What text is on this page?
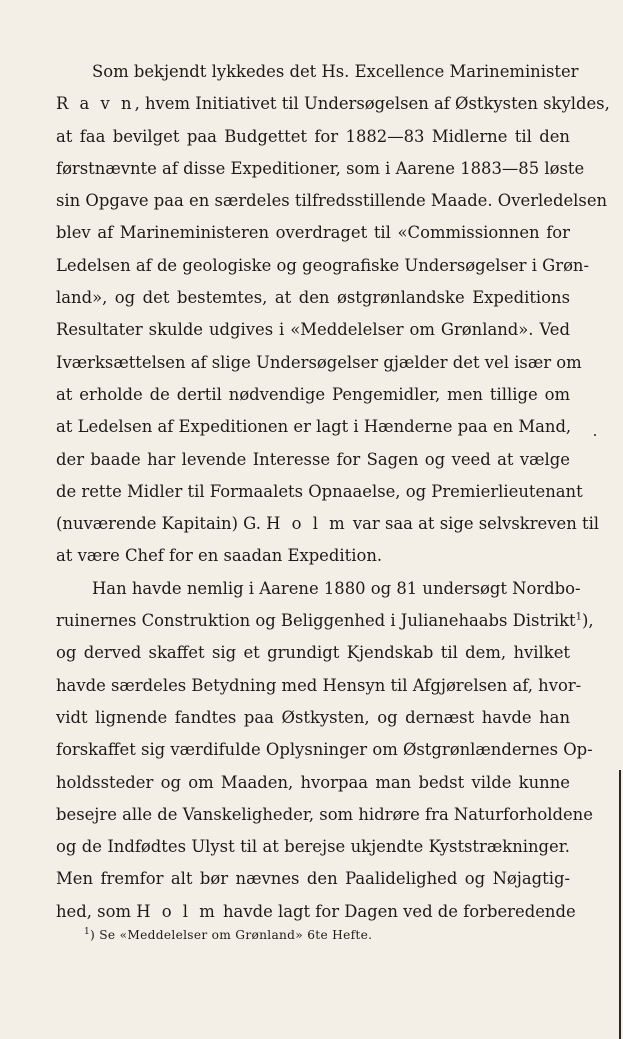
Som bekjendt lykkedes det Hs. Excellence Marineminister
R a v n, hvem Initiativet til Undersøgelsen af Østkysten skyldes,
at faa bevilget paa Budgettet for 1882—83 Midlerne til den
førstnævnte af disse Expeditioner, som i Aarene 1883—85 løste
sin Opgave paa en særdeles tilfredsstillende Maade. Overledelsen
blev af Marineministeren overdraget til «Commissionnen for
Ledelsen af de geologiske og geografiske Undersøgelser i Grøn-
land», og det bestemtes, at den østgrønlandske Expeditions
Resultater skulde udgives i «Meddelelser om Grønland». Ved
Iværksættelsen af slige Undersøgelser gjælder det vel især om
at erholde de dertil nødvendige Pengemidler, men tillige om
at Ledelsen af Expeditionen er lagt i Hænderne paa en Mand,
der baade har levende Interesse for Sagen og veed at vælge
de rette Midler til Formaalets Opnaaelse, og Premierlieutenant
(nuværende Kapitain) G. H o l m var saa at sige selvskreven til
at være Chef for en saadan Expedition.
Han havde nemlig i Aarene 1880 og 81 undersøgt Nordbo-
ruinernes Construktion og Beliggenhed i Julianehaabs Distrikt$^1$),
og derved skaffet sig et grundigt Kjendskab til dem, hvilket
havde særdeles Betydning med Hensyn til Afgjørelsen af, hvor-
vidt lignende fandtes paa Østkysten, og dernæst havde han
forskaffet sig værdifulde Oplysninger om Østgrønlændernes Op-
holdssteder og om Maaden, hvorpaa man bedst vilde kunne
besejre alle de Vanskeligheder, som hidrøre fra Naturforholdene
og de Indfødtes Ulyst til at berejse ukjendte Kyststrækninger.
Men fremfor alt bør nævnes den Paalidelighed og Nøjagtig-
hed, som H o l m havde lagt for Dagen ved de forberedende
$^1$) Se «Meddelelser om Grønland» 6te Hefte.
